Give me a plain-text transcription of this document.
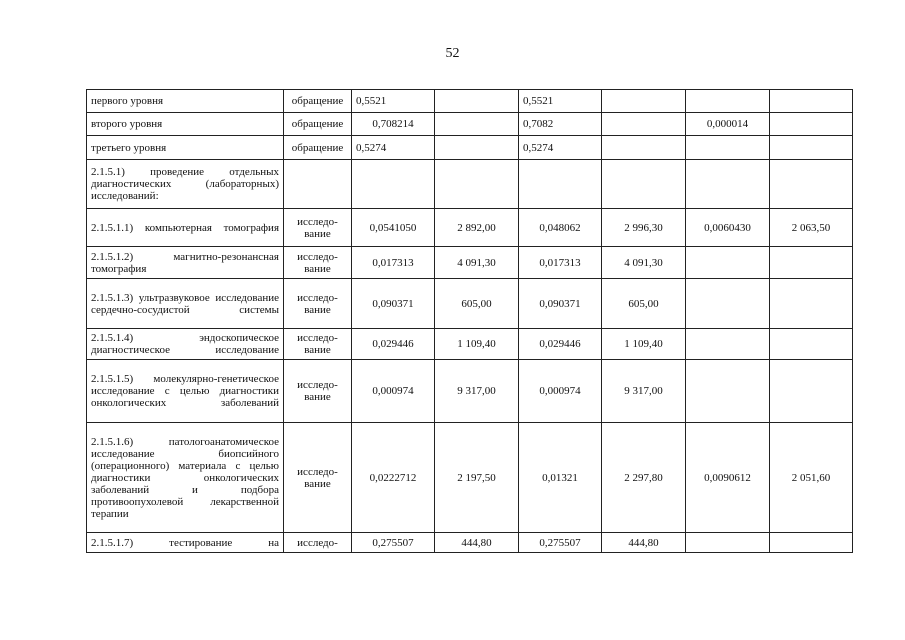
52
первого уровня	обращение	0,5521		0,5521			
второго уровня	обращение	0,708214		0,7082		0,000014	
третьего уровня	обращение	0,5274		0,5274			
2.1.5.1) проведение отдельных диагностических (лабораторных) исследований:							
2.1.5.1.1) компьютерная томография	исследо-вание	0,0541050	2 892,00	0,048062	2 996,30	0,0060430	2 063,50
2.1.5.1.2) магнитно-резонансная томография	исследо-вание	0,017313	4 091,30	0,017313	4 091,30		
2.1.5.1.3) ультразвуковое исследование сердечно-сосудистой системы	исследо-вание	0,090371	605,00	0,090371	605,00		
2.1.5.1.4) эндоскопическое диагностическое исследование	исследо-вание	0,029446	1 109,40	0,029446	1 109,40		
2.1.5.1.5) молекулярно-генетическое исследование с целью диагностики онкологических заболеваний	исследо-вание	0,000974	9 317,00	0,000974	9 317,00		
2.1.5.1.6) патологоанатомическое исследование биопсийного (операционного) материала с целью диагностики онкологических заболеваний и подбора противоопухолевой лекарственной терапии	исследо-вание	0,0222712	2 197,50	0,01321	2 297,80	0,0090612	2 051,60
2.1.5.1.7) тестирование на	исследо-	0,275507	444,80	0,275507	444,80		
